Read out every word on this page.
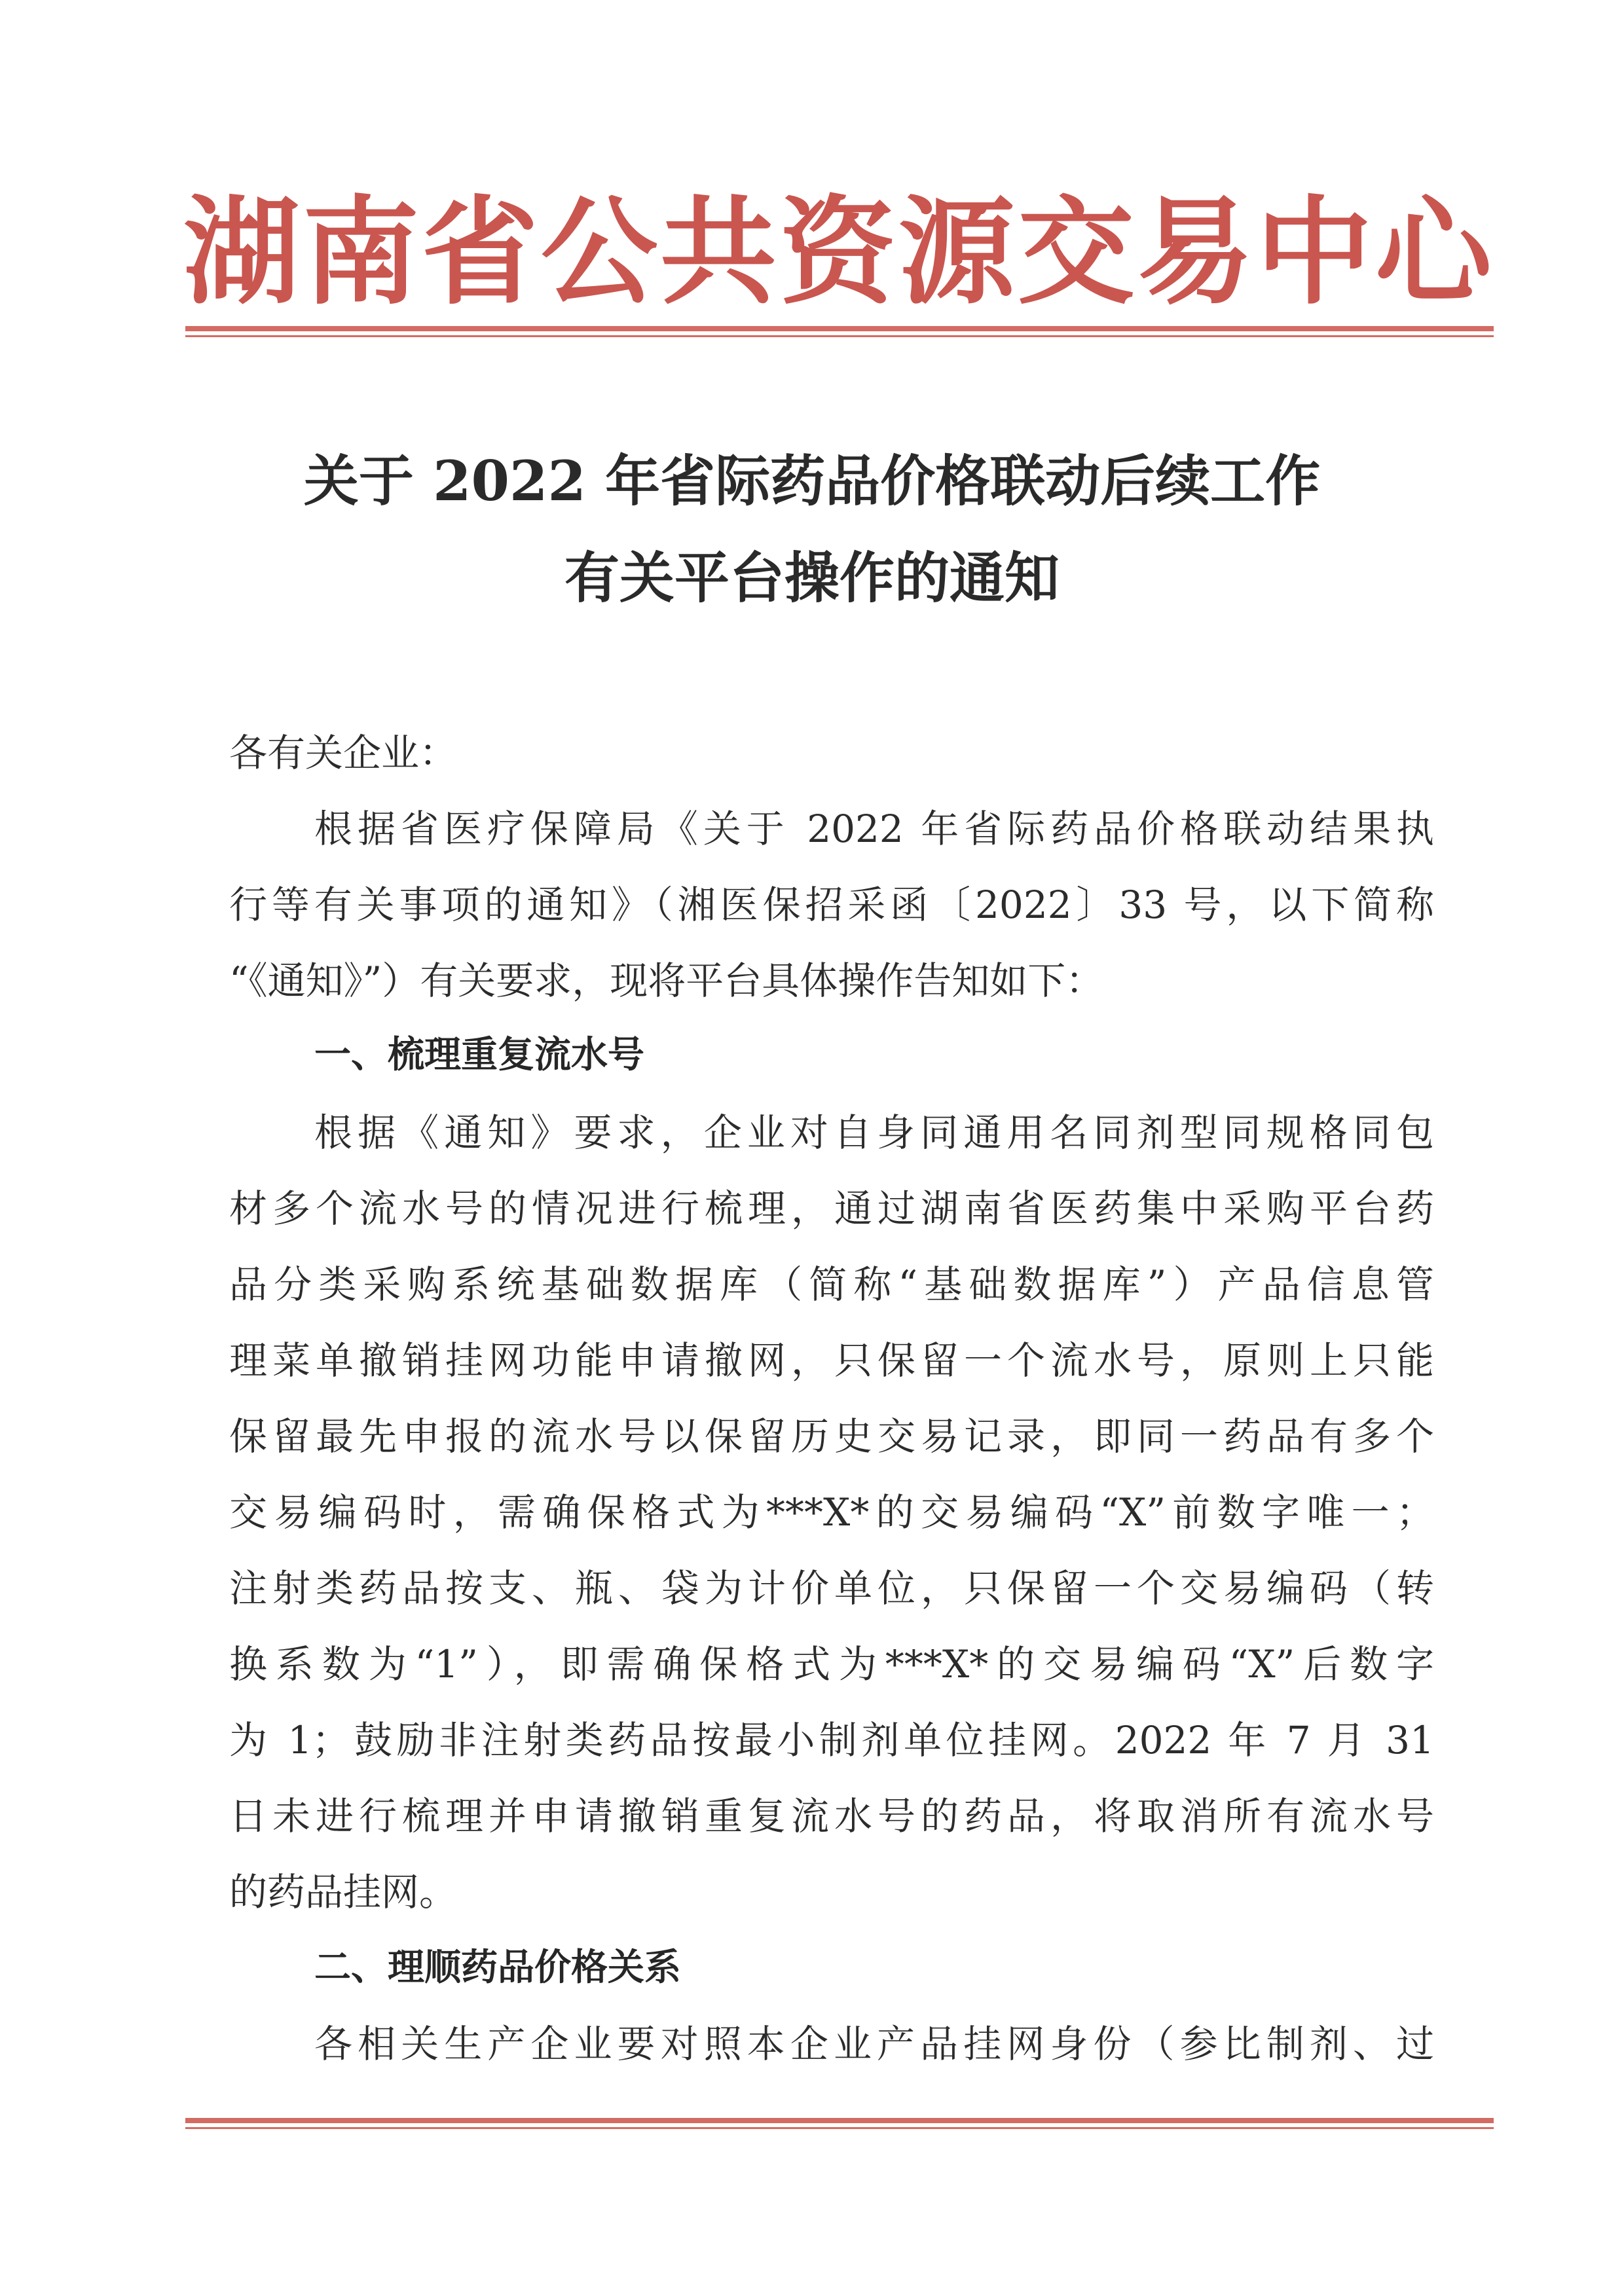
湖南省公共资源交易中心
关于 2022 年省际药品价格联动后续工作
有关平台操作的通知
各有关企业：
根据省医疗保障局《关于 2022 年省际药品价格联动结果执
行等有关事项的通知》（湘医保招采函〔2022〕33 号，以下简称
“《通知》”）有关要求，现将平台具体操作告知如下：
一、梳理重复流水号
根据《通知》要求，企业对自身同通用名同剂型同规格同包
材多个流水号的情况进行梳理，通过湖南省医药集中采购平台药
品分类采购系统基础数据库（简称“基础数据库”）产品信息管
理菜单撤销挂网功能申请撤网，只保留一个流水号，原则上只能
保留最先申报的流水号以保留历史交易记录，即同一药品有多个
交易编码时，需确保格式为***X*的交易编码“X”前数字唯一；
注射类药品按支、瓶、袋为计价单位，只保留一个交易编码（转
换系数为“1”），即需确保格式为***X*的交易编码“X”后数字
为 1；鼓励非注射类药品按最小制剂单位挂网。2022 年 7 月 31
日未进行梳理并申请撤销重复流水号的药品，将取消所有流水号
的药品挂网。
二、理顺药品价格关系
各相关生产企业要对照本企业产品挂网身份（参比制剂、过
